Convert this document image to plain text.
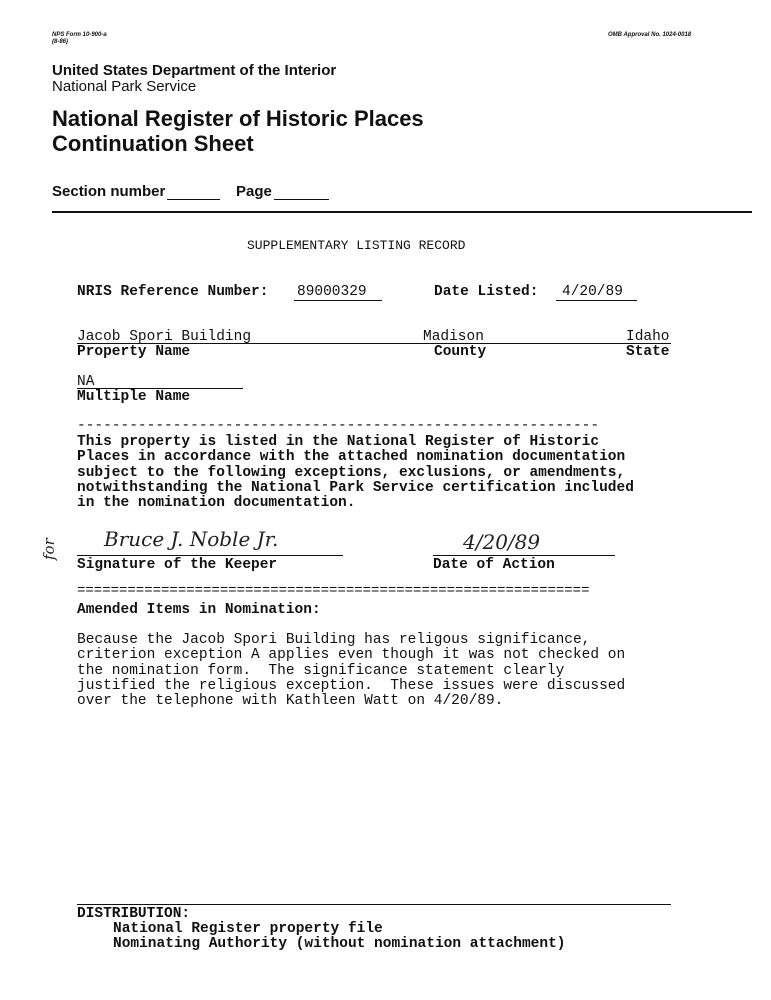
NPS Form 10-900-a
(8-86)
OMB Approval No. 1024-0018
United States Department of the Interior
National Park Service
National Register of Historic Places
Continuation Sheet
Section number	Page
SUPPLEMENTARY LISTING RECORD
NRIS Reference Number: 89000329	Date Listed: 4/20/89
Jacob Spori Building	Madison	Idaho
Property Name	County	State
NA
Multiple Name
------------------------------------------------------------
This property is listed in the National Register of Historic
Places in accordance with the attached nomination documentation
subject to the following exceptions, exclusions, or amendments,
notwithstanding the National Park Service certification included
in the nomination documentation.
Bruce J. Noble Jr.
Signature of the Keeper
4/20/89
Date of Action
for
=============================================================
Amended Items in Nomination:
Because the Jacob Spori Building has religous significance,
criterion exception A applies even though it was not checked on
the nomination form.  The significance statement clearly
justified the religious exception.  These issues were discussed
over the telephone with Kathleen Watt on 4/20/89.
DISTRIBUTION:
National Register property file
Nominating Authority (without nomination attachment)
